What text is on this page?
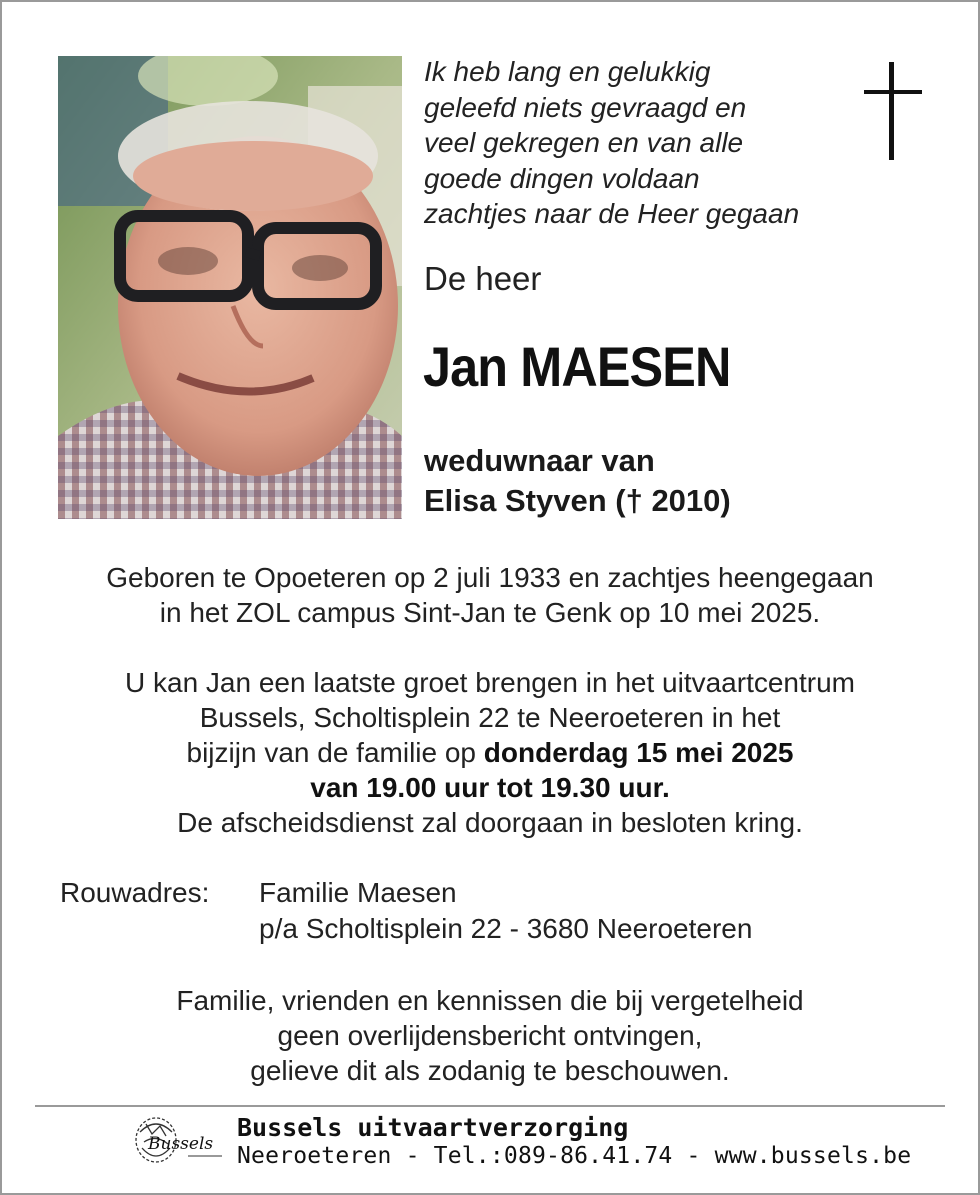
Ik heb lang en gelukkig
geleefd niets gevraagd en
veel gekregen en van alle
goede dingen voldaan
zachtjes naar de Heer gegaan
De heer
Jan MAESEN
weduwnaar van
Elisa Styven († 2010)
Geboren te Opoeteren op 2 juli 1933 en zachtjes heengegaan
in het ZOL campus Sint-Jan te Genk op 10 mei 2025.
U kan Jan een laatste groet brengen in het uitvaartcentrum
Bussels, Scholtisplein 22 te Neeroeteren in het
bijzijn van de familie op donderdag 15 mei 2025
van 19.00 uur tot 19.30 uur.
De afscheidsdienst zal doorgaan in besloten kring.
Rouwadres: Familie Maesen
p/a Scholtisplein 22 - 3680 Neeroeteren
Familie, vrienden en kennissen die bij vergetelheid
geen overlijdensbericht ontvingen,
gelieve dit als zodanig te beschouwen.
Bussels
Bussels uitvaartverzorging
Neeroeteren - Tel.:089-86.41.74 - www.bussels.be
